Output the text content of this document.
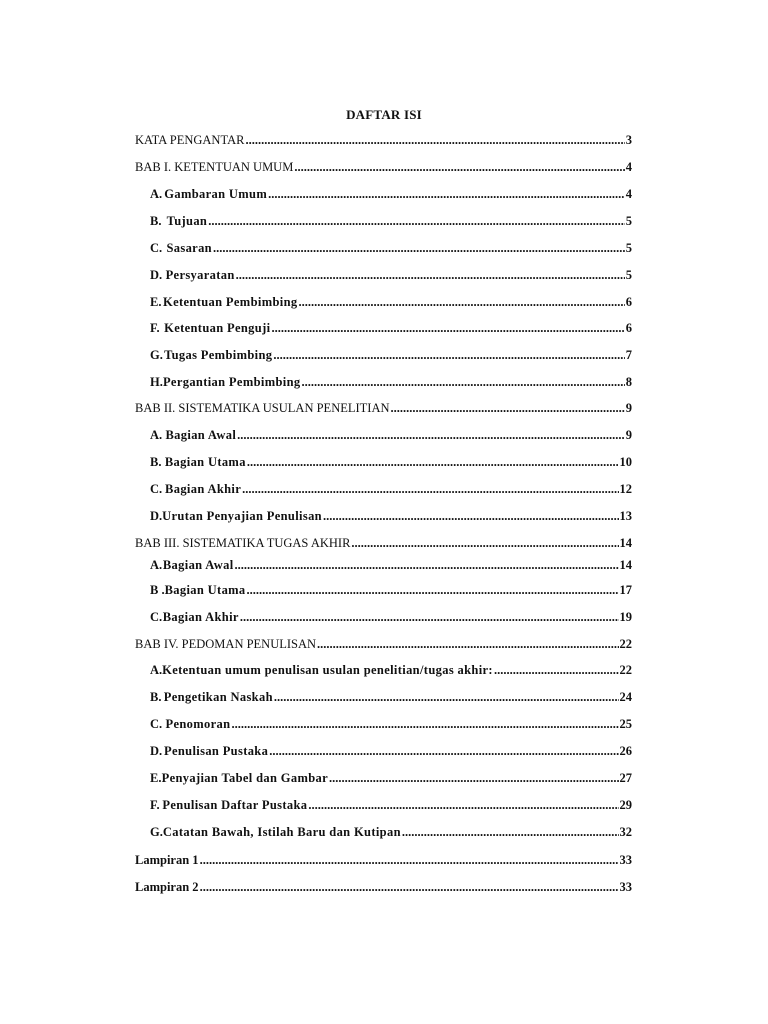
DAFTAR ISI
KATA PENGANTAR .....	3
BAB I. KETENTUAN UMUM .....	4
A. Gambaran Umum .....	4
B. Tujuan .....	5
C. Sasaran .....	5
D. Persyaratan .....	5
E. Ketentuan Pembimbing .....	6
F. Ketentuan Penguji .....	6
G. Tugas Pembimbing .....	7
H. Pergantian Pembimbing .....	8
BAB II. SISTEMATIKA USULAN PENELITIAN .....	9
A. Bagian Awal .....	9
B. Bagian Utama .....	10
C. Bagian Akhir .....	12
D. Urutan Penyajian Penulisan .....	13
BAB III. SISTEMATIKA TUGAS AKHIR .....	14
A. Bagian Awal .....	14
B . Bagian Utama .....	17
C. Bagian Akhir .....	19
BAB IV. PEDOMAN PENULISAN .....	22
A. Ketentuan umum penulisan usulan penelitian/tugas akhir: .....	22
B. Pengetikan Naskah .....	24
C. Penomoran .....	25
D. Penulisan Pustaka .....	26
E. Penyajian Tabel dan Gambar .....	27
F. Penulisan Daftar Pustaka .....	29
G. Catatan Bawah, Istilah Baru dan Kutipan .....	32
Lampiran 1 .....	33
Lampiran 2 .....	33
